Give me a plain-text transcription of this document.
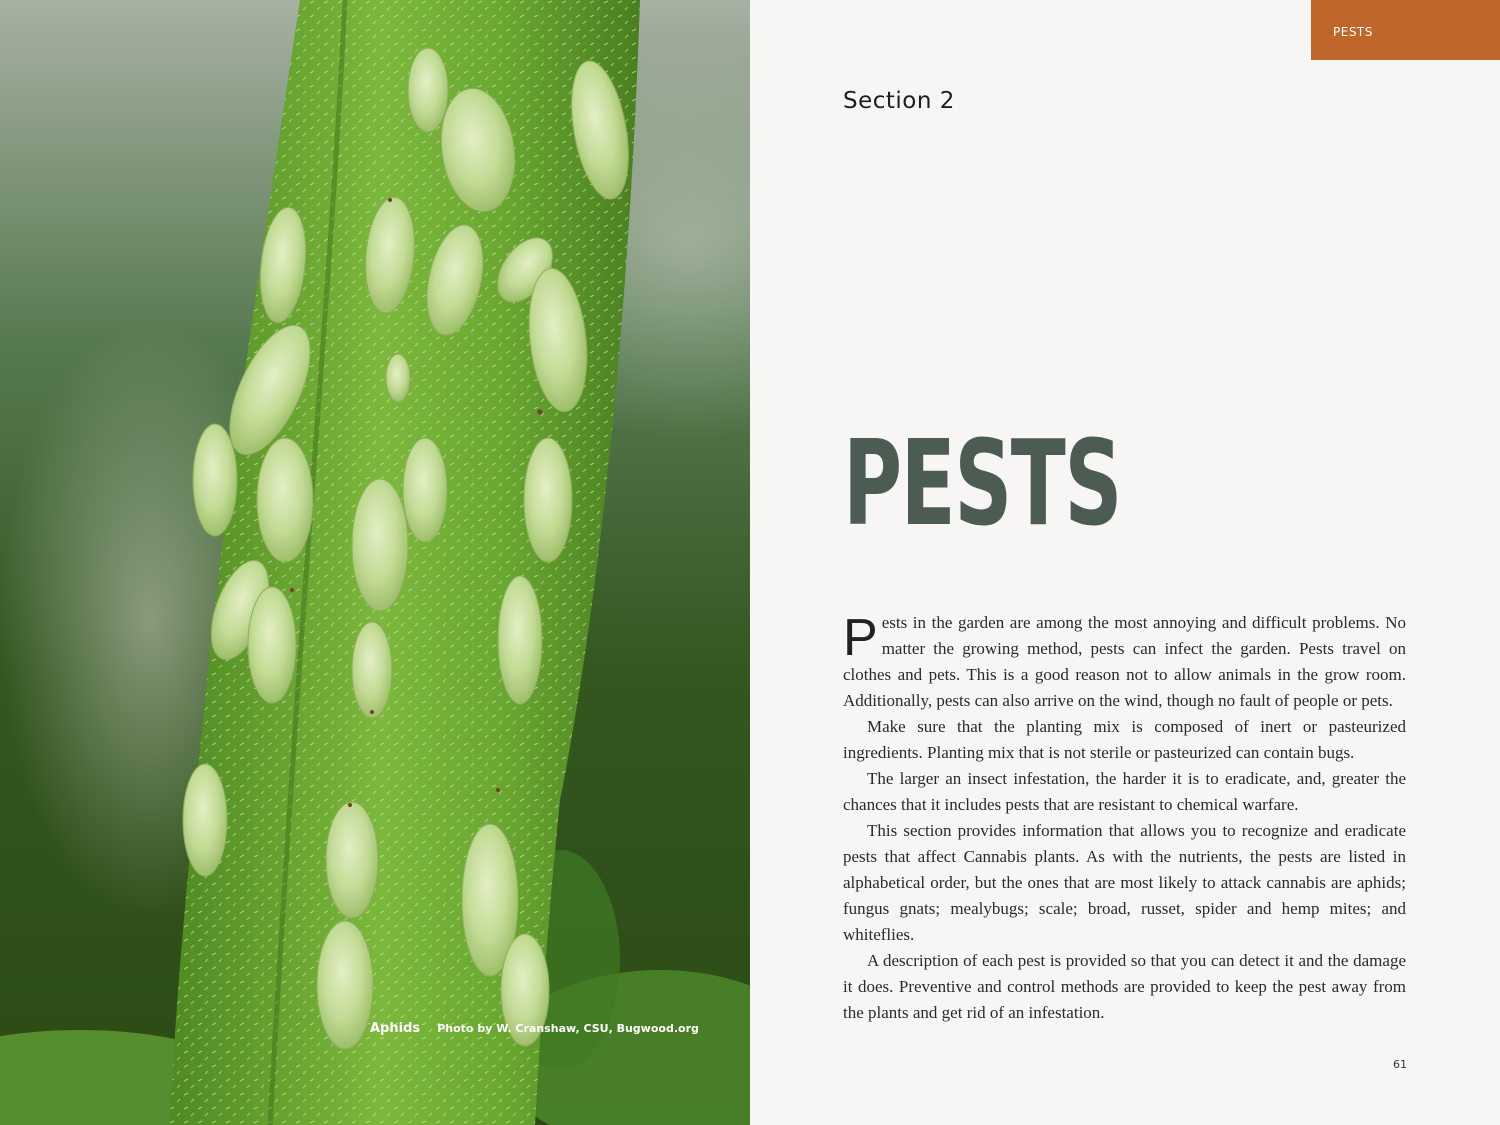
Aphids Photo by W. Cranshaw, CSU, Bugwood.org
PESTS
Section 2
PESTS

Pests in the garden are among the most annoying and difficult problems. No matter the growing method, pests can infect the garden. Pests travel on clothes and pets. This is a good reason not to allow animals in the grow room. Additionally, pests can also arrive on the wind, though no fault of people or pets.

Make sure that the planting mix is composed of inert or pasteurized ingredients. Planting mix that is not sterile or pasteurized can contain bugs.

The larger an insect infestation, the harder it is to eradicate, and, greater the chances that it includes pests that are resistant to chemical warfare.

This section provides information that allows you to recognize and eradicate pests that affect Cannabis plants. As with the nutrients, the pests are listed in alphabetical order, but the ones that are most likely to attack cannabis are aphids; fungus gnats; mealybugs; scale; broad, russet, spider and hemp mites; and whiteflies.

A description of each pest is provided so that you can detect it and the damage it does. Preventive and control methods are provided to keep the pest away from the plants and get rid of an infestation.

61
